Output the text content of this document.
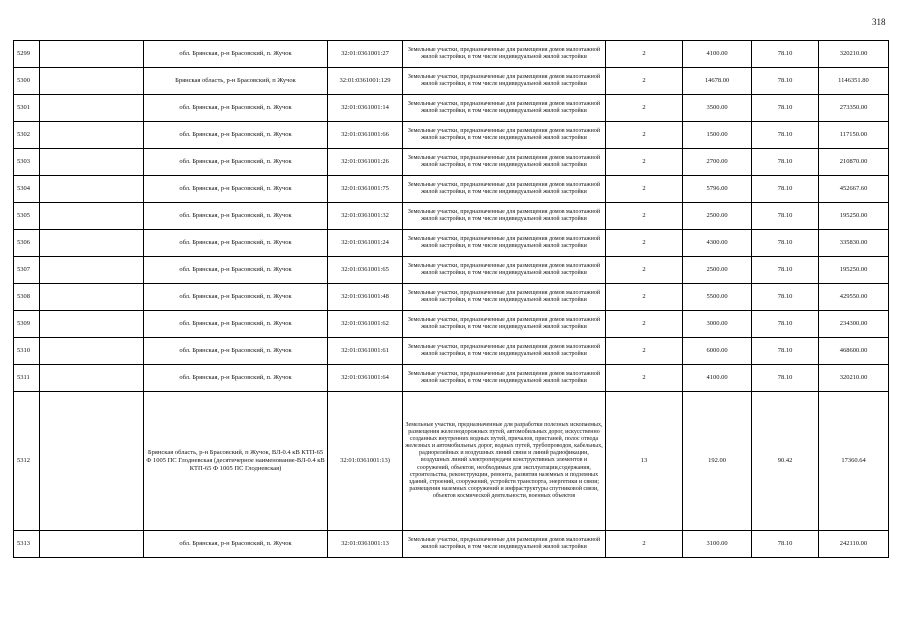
318
5299		обл. Брянская, р-н Брасовский, п. Жучок	32:01:0361001:27	Земельные участки, предназначенные для размещения домов малоэтажной жилой застройки, в том числе индивидуальной жилой застройки	2	4100.00	78.10	320210.00
5300		Брянская область, р-н Брасовский, п Жучок	32:01:0361001:129	Земельные участки, предназначенные для размещения домов малоэтажной жилой застройки, в том числе индивидуальной жилой застройки	2	14678.00	78.10	1146351.80
5301		обл. Брянская, р-н Брасовский, п. Жучок	32:01:0361001:14	Земельные участки, предназначенные для размещения домов малоэтажной жилой застройки, в том числе индивидуальной жилой застройки	2	3500.00	78.10	273350.00
5302		обл. Брянская, р-н Брасовский, п. Жучок	32:01:0361001:66	Земельные участки, предназначенные для размещения домов малоэтажной жилой застройки, в том числе индивидуальной жилой застройки	2	1500.00	78.10	117150.00
5303		обл. Брянская, р-н Брасовский, п. Жучок	32:01:0361001:26	Земельные участки, предназначенные для размещения домов малоэтажной жилой застройки, в том числе индивидуальной жилой застройки	2	2700.00	78.10	210870.00
5304		обл. Брянская, р-н Брасовский, п. Жучок	32:01:0361001:75	Земельные участки, предназначенные для размещения домов малоэтажной жилой застройки, в том числе индивидуальной жилой застройки	2	5796.00	78.10	452667.60
5305		обл. Брянская, р-н Брасовский, п. Жучок	32:01:0361001:32	Земельные участки, предназначенные для размещения домов малоэтажной жилой застройки, в том числе индивидуальной жилой застройки	2	2500.00	78.10	195250.00
5306		обл. Брянская, р-н Брасовский, п. Жучок	32:01:0361001:24	Земельные участки, предназначенные для размещения домов малоэтажной жилой застройки, в том числе индивидуальной жилой застройки	2	4300.00	78.10	335830.00
5307		обл. Брянская, р-н Брасовский, п. Жучок	32:01:0361001:65	Земельные участки, предназначенные для размещения домов малоэтажной жилой застройки, в том числе индивидуальной жилой застройки	2	2500.00	78.10	195250.00
5308		обл. Брянская, р-н Брасовский, п. Жучок	32:01:0361001:48	Земельные участки, предназначенные для размещения домов малоэтажной жилой застройки, в том числе индивидуальной жилой застройки	2	5500.00	78.10	429550.00
5309		обл. Брянская, р-н Брасовский, п. Жучок	32:01:0361001:62	Земельные участки, предназначенные для размещения домов малоэтажной жилой застройки, в том числе индивидуальной жилой застройки	2	3000.00	78.10	234300.00
5310		обл. Брянская, р-н Брасовский, п. Жучок	32:01:0361001:61	Земельные участки, предназначенные для размещения домов малоэтажной жилой застройки, в том числе индивидуальной жилой застройки	2	6000.00	78.10	468600.00
5311		обл. Брянская, р-н Брасовский, п. Жучок	32:01:0361001:64	Земельные участки, предназначенные для размещения домов малоэтажной жилой застройки, в том числе индивидуальной жилой застройки	2	4100.00	78.10	320210.00
5312		Брянская область, р-н Брасовский, п Жучок, ВЛ-0.4 кВ КТП-65 Ф 1005 ПС Глодневская (десятичерное наименование-ВЛ-0.4 кВ КТП-65 Ф 1005 ПС Глодневская)	32:01:0361001:13)	Земельные участки, предназначенные для разработки полезных ископаемых, размещения железнодорожных путей, автомобильных дорог, искусственно созданных внутренних водных путей, причалов, пристаней, полос отвода железных и автомобильных дорог, водных путей, трубопроводов, кабельных, радиорелейных и воздушных линий связи и линий радиофикации, воздушных линий электропередачи конструктивных элементов и сооружений, объектов, необходимых для эксплуатации,содержания, строительства, реконструкции, ремонта, развития наземных и подземных зданий, строений, сооружений, устройств транспорта, энергетики и связи; размещения наземных сооружений и инфраструктуры спутниковой связи, объектов космической деятельности, военных объектов	13	192.00	90.42	17360.64
5313		обл. Брянская, р-н Брасовский, п. Жучок	32:01:0361001:13	Земельные участки, предназначенные для размещения домов малоэтажной жилой застройки, в том числе индивидуальной жилой застройки	2	3100.00	78.10	242110.00
